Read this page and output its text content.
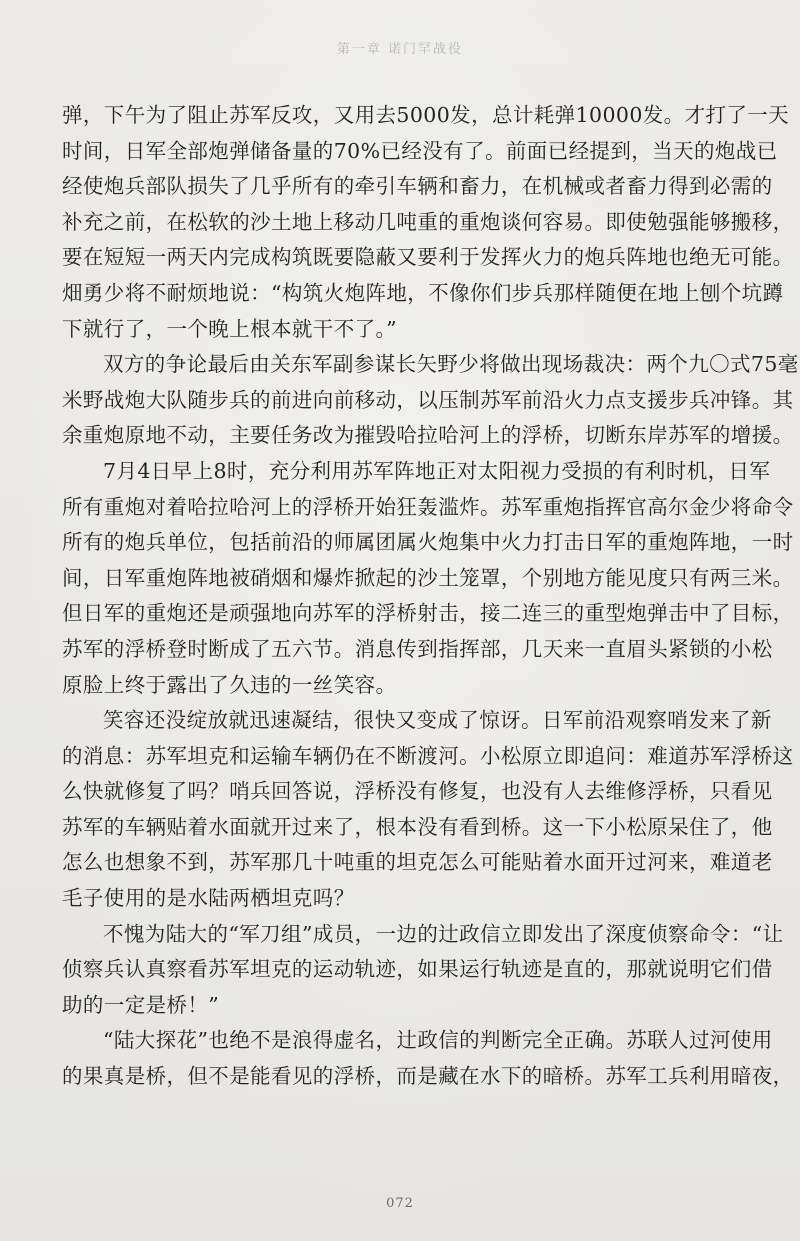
第一章 诺门罕战役
弹，下午为了阻止苏军反攻，又用去5000发，总计耗弹10000发。才打了一天
时间，日军全部炮弹储备量的70%已经没有了。前面已经提到，当天的炮战已
经使炮兵部队损失了几乎所有的牵引车辆和畜力，在机械或者畜力得到必需的
补充之前，在松软的沙土地上移动几吨重的重炮谈何容易。即使勉强能够搬移，
要在短短一两天内完成构筑既要隐蔽又要利于发挥火力的炮兵阵地也绝无可能。
畑勇少将不耐烦地说：“构筑火炮阵地，不像你们步兵那样随便在地上刨个坑蹲
下就行了，一个晚上根本就干不了。”
双方的争论最后由关东军副参谋长矢野少将做出现场裁决：两个九〇式75毫
米野战炮大队随步兵的前进向前移动，以压制苏军前沿火力点支援步兵冲锋。其
余重炮原地不动，主要任务改为摧毁哈拉哈河上的浮桥，切断东岸苏军的增援。
7月4日早上8时，充分利用苏军阵地正对太阳视力受损的有利时机，日军
所有重炮对着哈拉哈河上的浮桥开始狂轰滥炸。苏军重炮指挥官高尔金少将命令
所有的炮兵单位，包括前沿的师属团属火炮集中火力打击日军的重炮阵地，一时
间，日军重炮阵地被硝烟和爆炸掀起的沙土笼罩，个别地方能见度只有两三米。
但日军的重炮还是顽强地向苏军的浮桥射击，接二连三的重型炮弹击中了目标，
苏军的浮桥登时断成了五六节。消息传到指挥部，几天来一直眉头紧锁的小松
原脸上终于露出了久违的一丝笑容。
笑容还没绽放就迅速凝结，很快又变成了惊讶。日军前沿观察哨发来了新
的消息：苏军坦克和运输车辆仍在不断渡河。小松原立即追问：难道苏军浮桥这
么快就修复了吗？哨兵回答说，浮桥没有修复，也没有人去维修浮桥，只看见
苏军的车辆贴着水面就开过来了，根本没有看到桥。这一下小松原呆住了，他
怎么也想象不到，苏军那几十吨重的坦克怎么可能贴着水面开过河来，难道老
毛子使用的是水陆两栖坦克吗？
不愧为陆大的“军刀组”成员，一边的辻政信立即发出了深度侦察命令：“让
侦察兵认真察看苏军坦克的运动轨迹，如果运行轨迹是直的，那就说明它们借
助的一定是桥！”
“陆大探花”也绝不是浪得虚名，辻政信的判断完全正确。苏联人过河使用
的果真是桥，但不是能看见的浮桥，而是藏在水下的暗桥。苏军工兵利用暗夜，
072
